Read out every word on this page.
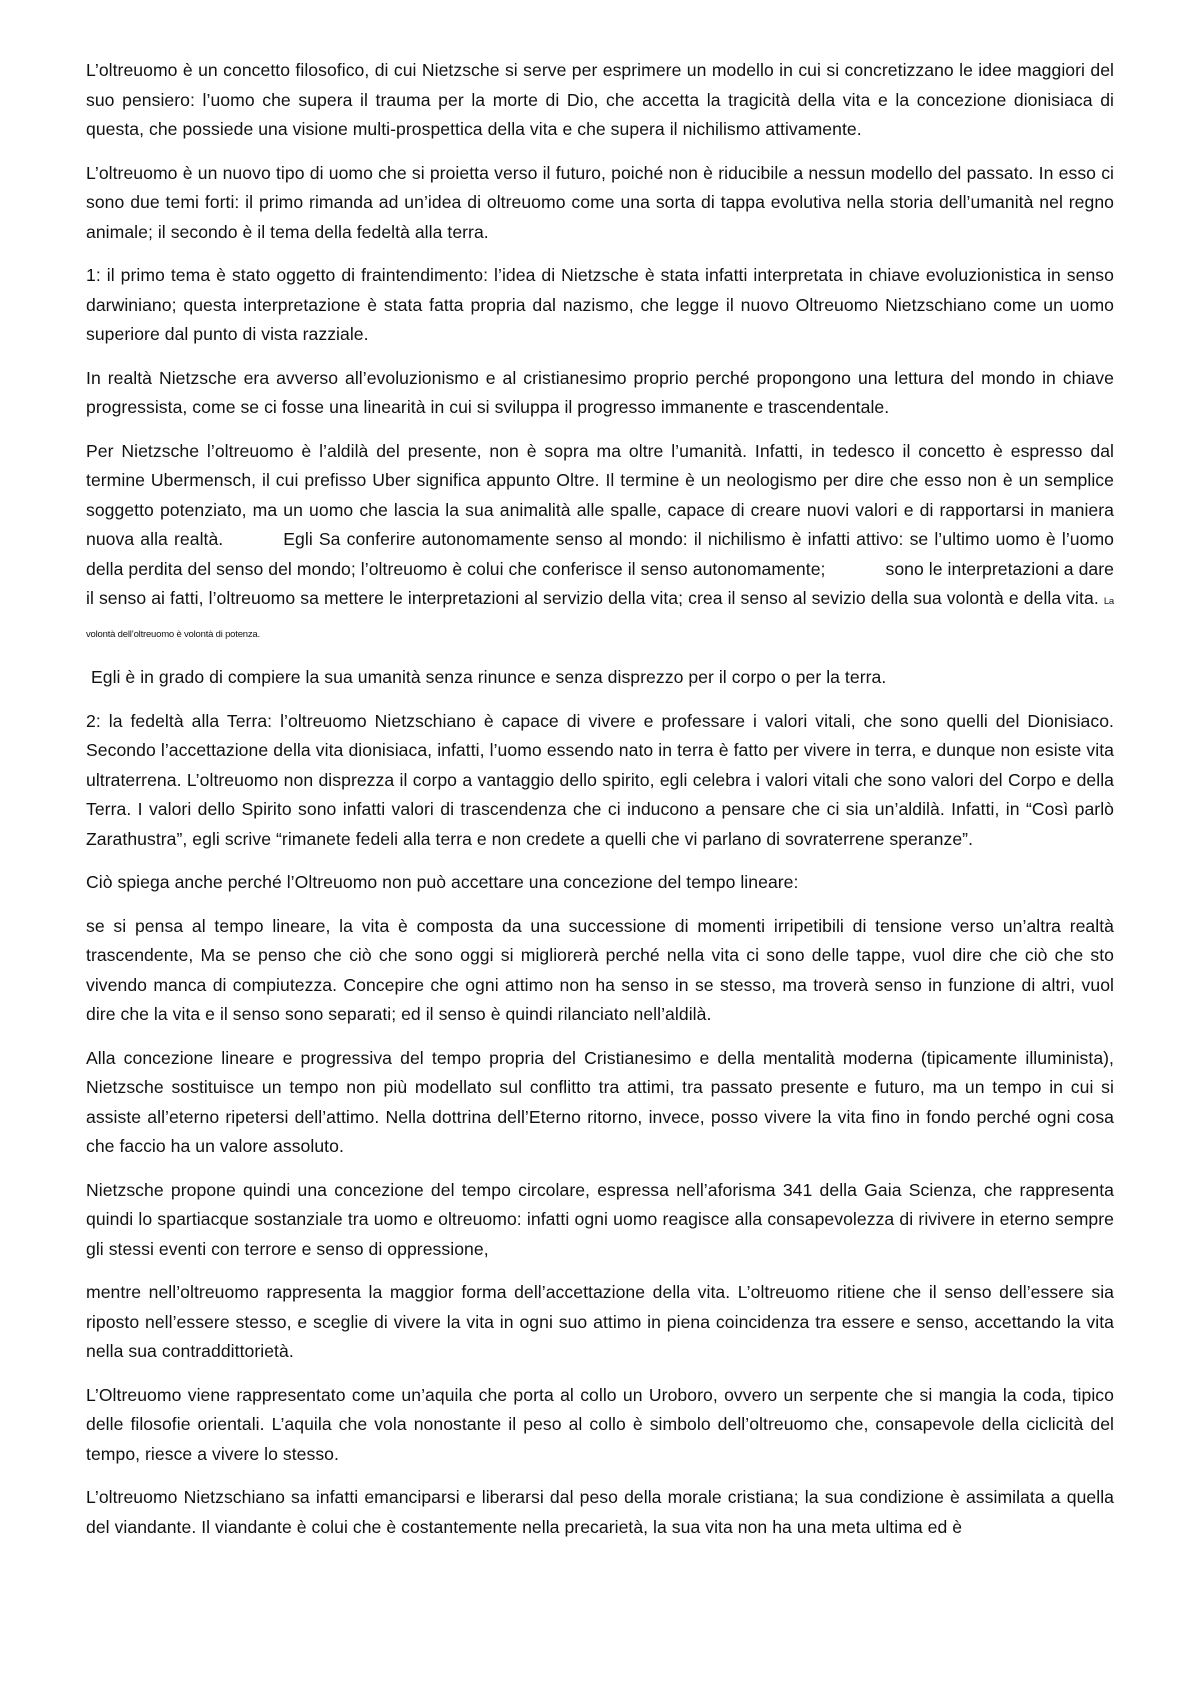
L’oltreuomo è un concetto filosofico, di cui Nietzsche si serve per esprimere un modello in cui si concretizzano le idee maggiori del suo pensiero: l’uomo che supera il trauma per la morte di Dio, che accetta la tragicità della vita e la concezione dionisiaca di questa, che possiede una visione multi-prospettica della vita e che supera il nichilismo attivamente.

L’oltreuomo è un nuovo tipo di uomo che si proietta verso il futuro, poiché non è riducibile a nessun modello del passato. In esso ci sono due temi forti: il primo rimanda ad un’idea di oltreuomo come una sorta di tappa evolutiva nella storia dell’umanità nel regno animale; il secondo è il tema della fedeltà alla terra.

1: il primo tema è stato oggetto di fraintendimento: l’idea di Nietzsche è stata infatti interpretata in chiave evoluzionistica in senso darwiniano; questa interpretazione è stata fatta propria dal nazismo, che legge il nuovo Oltreuomo Nietzschiano come un uomo superiore dal punto di vista razziale.

In realtà Nietzsche era avverso all’evoluzionismo e al cristianesimo proprio perché propongono una lettura del mondo in chiave progressista, come se ci fosse una linearità in cui si sviluppa il progresso immanente e trascendentale.

Per Nietzsche l’oltreuomo è l’aldilà del presente, non è sopra ma oltre l’umanità. Infatti, in tedesco il concetto è espresso dal termine Ubermensch, il cui prefisso Uber significa appunto Oltre. Il termine è un neologismo per dire che esso non è un semplice soggetto potenziato, ma un uomo che lascia la sua animalità alle spalle, capace di creare nuovi valori e di rapportarsi in maniera nuova alla realtà.	Egli Sa conferire autonomamente senso al mondo: il nichilismo è infatti attivo: se l’ultimo uomo è l’uomo della perdita del senso del mondo; l’oltreuomo è colui che conferisce il senso autonomamente;	sono le interpretazioni a dare il senso ai fatti, l’oltreuomo sa mettere le interpretazioni al servizio della vita; crea il senso al sevizio della sua volontà e della vita. La volontà dell’oltreuomo è volontà di potenza.

Egli è in grado di compiere la sua umanità senza rinunce e senza disprezzo per il corpo o per la terra.

2: la fedeltà alla Terra: l’oltreuomo Nietzschiano è capace di vivere e professare i valori vitali, che sono quelli del Dionisiaco. Secondo l’accettazione della vita dionisiaca, infatti, l’uomo essendo nato in terra è fatto per vivere in terra, e dunque non esiste vita ultraterrena. L’oltreuomo non disprezza il corpo a vantaggio dello spirito, egli celebra i valori vitali che sono valori del Corpo e della Terra. I valori dello Spirito sono infatti valori di trascendenza che ci inducono a pensare che ci sia un’aldilà. Infatti, in “Così parlò Zarathustra”, egli scrive “rimanete fedeli alla terra e non credete a quelli che vi parlano di sovraterrene speranze”.

Ciò spiega anche perché l’Oltreuomo non può accettare una concezione del tempo lineare:

se si pensa al tempo lineare, la vita è composta da una successione di momenti irripetibili di tensione verso un’altra realtà trascendente, Ma se penso che ciò che sono oggi si migliorerà perché nella vita ci sono delle tappe, vuol dire che ciò che sto vivendo manca di compiutezza. Concepire che ogni attimo non ha senso in se stesso, ma troverà senso in funzione di altri, vuol dire che la vita e il senso sono separati; ed il senso è quindi rilanciato nell’aldilà.

Alla concezione lineare e progressiva del tempo propria del Cristianesimo e della mentalità moderna (tipicamente illuminista), Nietzsche sostituisce un tempo non più modellato sul conflitto tra attimi, tra passato presente e futuro, ma un tempo in cui si assiste all’eterno ripetersi dell’attimo. Nella dottrina dell’Eterno ritorno, invece, posso vivere la vita fino in fondo perché ogni cosa che faccio ha un valore assoluto.

Nietzsche propone quindi una concezione del tempo circolare, espressa nell’aforisma 341 della Gaia Scienza, che rappresenta quindi lo spartiacque sostanziale tra uomo e oltreuomo: infatti ogni uomo reagisce alla consapevolezza di rivivere in eterno sempre gli stessi eventi con terrore e senso di oppressione,

mentre nell’oltreuomo rappresenta la maggior forma dell’accettazione della vita. L’oltreuomo ritiene che il senso dell’essere sia riposto nell’essere stesso, e sceglie di vivere la vita in ogni suo attimo in piena coincidenza tra essere e senso, accettando la vita nella sua contraddittorietà.

L’Oltreuomo viene rappresentato come un’aquila che porta al collo un Uroboro, ovvero un serpente che si mangia la coda, tipico delle filosofie orientali. L’aquila che vola nonostante il peso al collo è simbolo dell’oltreuomo che, consapevole della ciclicità del tempo, riesce a vivere lo stesso.

L’oltreuomo Nietzschiano sa infatti emanciparsi e liberarsi dal peso della morale cristiana; la sua condizione è assimilata a quella del viandante. Il viandante è colui che è costantemente nella precarietà, la sua vita non ha una meta ultima ed è
